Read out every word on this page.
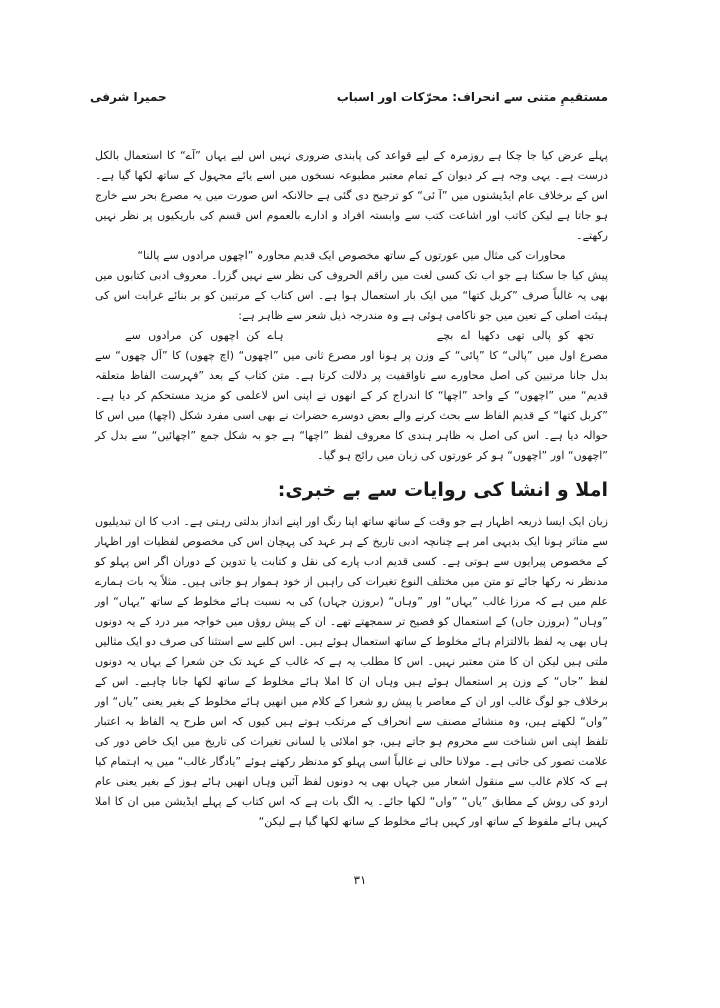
مستقیمِ متنی سے انحراف: محرّکات اور اسباب
حمیرا شرفی

پہلے عرض کیا جا چکا ہے روزمرہ کے لیے قواعد کی پابندی ضروری نہیں اس لیے یہاں ”آے“ کا استعمال بالکل درست ہے۔ یہی وجہ ہے کر دیوان کے تمام معتبر مطبوعہ نسخوں میں اسے یائے مجہول کے ساتھ لکھا گیا ہے۔ اس کے برخلاف عام ایڈیشنوں میں ”آ ئی“ کو ترجیح دی گئی ہے حالانکہ اس صورت میں یہ مصرع بحر سے خارج ہو جاتا ہے لیکن کاتب اور اشاعت کتب سے وابستہ افراد و ادارے بالعموم اس قسم کی باریکیوں پر نظر نہیں رکھتے۔

محاورات کی مثال میں عورتوں کے ساتھ مخصوص ایک قدیم محاورہ ”اچھوں مرادوں سے پالنا“

پیش کیا جا سکتا ہے جو اب تک کسی لغت میں راقم الحروف کی نظر سے نہیں گزرا۔ معروف ادبی کتابوں میں بھی یہ غالباً صرف ”کربل کتھا“ میں ایک بار استعمال ہوا ہے۔ اس کتاب کے مرتبین کو بر بنائے غرابت اس کی ہیئت اصلی کے تعین میں جو ناکامی ہوئی ہے وہ مندرجہ ذیل شعر سے ظاہر ہے:

تجھ کو پالی تھی دکھیا اے بچے
ہاے کن اچھوں کن مرادوں سے

مصرع اول میں ”پالی“ کا ”پائی“ کے وزن پر ہونا اور مصرع ثانی میں ”اچھوں“ (اچ چھوں) کا ”اَل چھوں“ سے بدل جانا مرتبین کی اصل محاورے سے ناواقفیت پر دلالت کرتا ہے۔ متن کتاب کے بعد ”فہرست الفاظ متعلقہ قدیم“ میں ”اچھوں“ کے واحد ”اچھا“ کا اندراج کر کے انھوں نے اپنی اس لاعلمی کو مزید مستحکم کر دیا ہے۔ ”کربل کتھا“ کے قدیم الفاظ سے بحث کرنے والے بعض دوسرے حضرات نے بھی اسی مفرد شکل (اچھا) میں اس کا حوالہ دیا ہے۔ اس کی اصل بہ ظاہر ہندی کا معروف لفظ ”اچھا“ ہے جو بہ شکل جمع ”اچھائیں“ سے بدل کر ”اچھوں“ اور ”اچھوں“ ہو کر عورتوں کی زبان میں رائج ہو گیا۔

املا و انشا کی روایات سے بے خبری:

زبان ایک ایسا ذریعہ اظہار ہے جو وقت کے ساتھ ساتھ اپنا رنگ اور اپنے انداز بدلتی رہتی ہے۔ ادب کا ان تبدیلیوں سے متاثر ہونا ایک بدیہی امر ہے چنانچہ ادبی تاریخ کے ہر عہد کی پہچان اس کی مخصوص لفظیات اور اظہار کے مخصوص پیرایوں سے ہوتی ہے۔ کسی قدیم ادب پارے کی نقل و کتابت یا تدوین کے دوران اگر اس پہلو کو مدنظر نہ رکھا جائے تو متن میں مختلف النوع تغیرات کی راہیں از خود ہموار ہو جاتی ہیں۔ مثلاً یہ بات ہمارے علم میں ہے کہ مرزا غالب ”یہاں“ اور ”وہاں“ (بروزن جہاں) کی بہ نسبت ہائے مخلوط کے ساتھ ”یہاں“ اور ”وہاں“ (بروزن جاں) کے استعمال کو فصیح تر سمجھتے تھے۔ ان کے پیش روؤں میں خواجہ میر درد کے یہ دونوں ہاں بھی یہ لفظ بالالتزام ہائے مخلوط کے ساتھ استعمال ہوئے ہیں۔ اس کلیے سے استثنا کی صرف دو ایک مثالیں ملتی ہیں لیکن ان کا متن معتبر نہیں۔ اس کا مطلب یہ ہے کہ غالب کے عہد تک جن شعرا کے یہاں یہ دونوں لفظ ”جاں“ کے وزن پر استعمال ہوئے ہیں وہاں ان کا املا ہائے مخلوط کے ساتھ لکھا جانا چاہیے۔ اس کے برخلاف جو لوگ غالب اور ان کے معاصر یا پیش رو شعرا کے کلام میں انھیں ہائے مخلوط کے بغیر یعنی ”یاں“ اور ”واں“ لکھتے ہیں، وہ منشائے مصنف سے انحراف کے مرتکب ہوتے ہیں کیوں کہ اس طرح یہ الفاظ بہ اعتبار تلفظ اپنی اس شناخت سے محروم ہو جاتے ہیں، جو املائی یا لسانی تغیرات کی تاریخ میں ایک خاص دور کی علامت تصور کی جاتی ہے۔ مولانا حالی نے غالباً اسی پہلو کو مدنظر رکھتے ہوئے ”یادگار غالب“ میں یہ اہتمام کیا ہے کہ کلام غالب سے منقول اشعار میں جہاں بھی یہ دونوں لفظ آئیں وہاں انھیں ہائے ہوز کے بغیر یعنی عام اردو کی روش کے مطابق ”یاں“ ”واں“ لکھا جائے۔ یہ الگ بات ہے کہ اس کتاب کے پہلے ایڈیشن میں ان کا املا کہیں ہائے ملفوظ کے ساتھ اور کہیں ہائے مخلوط کے ساتھ لکھا گیا ہے لیکن“

۳۱
